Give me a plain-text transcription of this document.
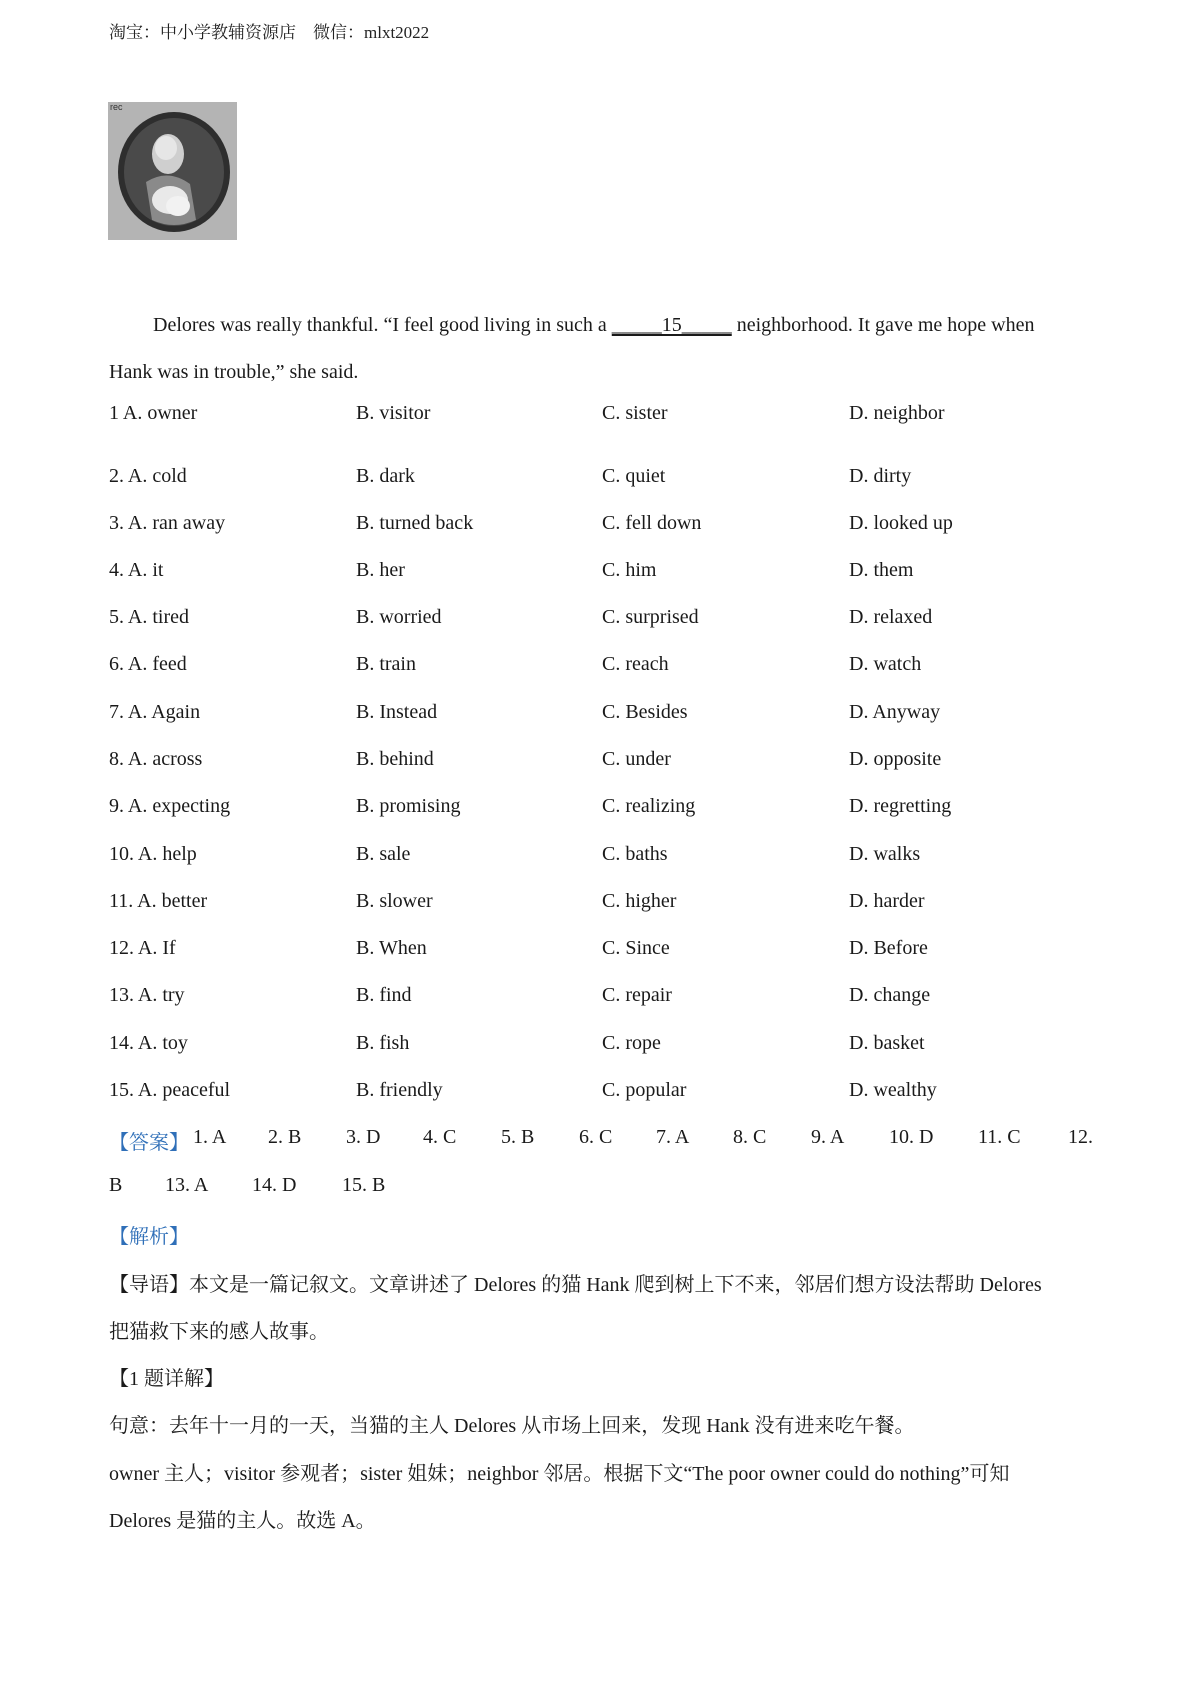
淘宝：中小学教辅资源店 微信：mlxt2022
rec
Delores was really thankful. “I feel good living in such a _____15_____ neighborhood. It gave me hope when
Hank was in trouble,” she said.
1 A. owner	B. visitor	C. sister	D. neighbor
2. A. cold	B. dark	C. quiet	D. dirty
3. A. ran away	B. turned back	C. fell down	D. looked up
4. A. it	B. her	C. him	D. them
5. A. tired	B. worried	C. surprised	D. relaxed
6. A. feed	B. train	C. reach	D. watch
7. A. Again	B. Instead	C. Besides	D. Anyway
8. A. across	B. behind	C. under	D. opposite
9. A. expecting	B. promising	C. realizing	D. regretting
10. A. help	B. sale	C. baths	D. walks
11. A. better	B. slower	C. higher	D. harder
12. A. If	B. When	C. Since	D. Before
13. A. try	B. find	C. repair	D. change
14. A. toy	B. fish	C. rope	D. basket
15. A. peaceful	B. friendly	C. popular	D. wealthy
【答案】 1. A 2. B 3. D 4. C 5. B 6. C 7. A 8. C 9. A 10. D 11. C 12.
B 13. A 14. D 15. B
【解析】
【导语】本文是一篇记叙文。文章讲述了 Delores 的猫 Hank 爬到树上下不来，邻居们想方设法帮助 Delores
把猫救下来的感人故事。
【1 题详解】
句意：去年十一月的一天，当猫的主人 Delores 从市场上回来，发现 Hank 没有进来吃午餐。
owner 主人；visitor 参观者；sister 姐妹；neighbor 邻居。根据下文“The poor owner could do nothing”可知
Delores 是猫的主人。故选 A。
